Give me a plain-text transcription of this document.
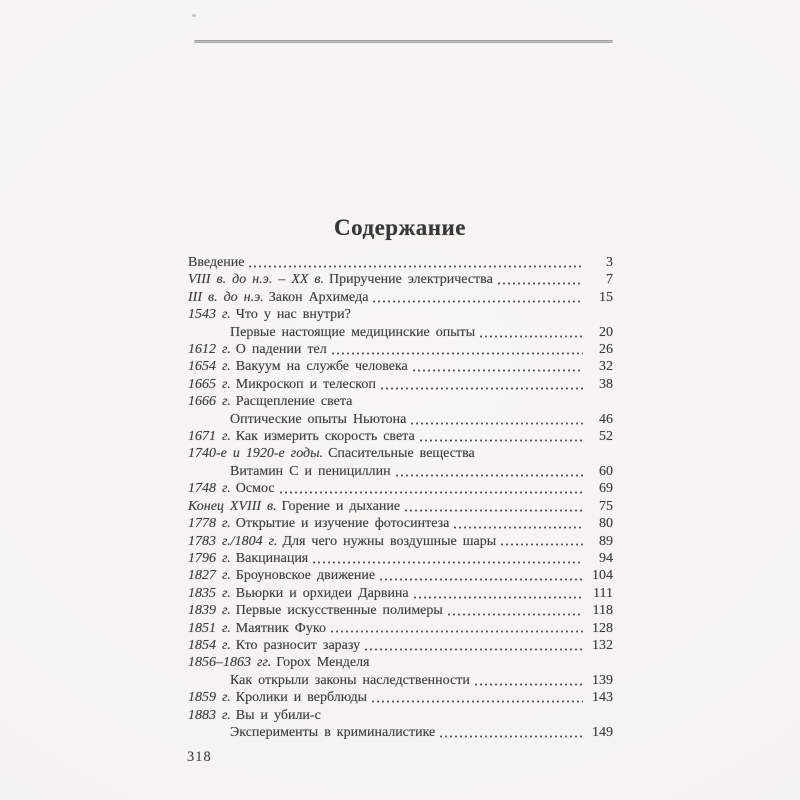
Содержание
Введение	3
VIII в. до н.э. – XX в. Приручение электричества	7
III в. до н.э. Закон Архимеда	15
1543 г. Что у нас внутри?
Первые настоящие медицинские опыты	20
1612 г. О падении тел	26
1654 г. Вакуум на службе человека	32
1665 г. Микроскоп и телескоп	38
1666 г. Расщепление света
Оптические опыты Ньютона	46
1671 г. Как измерить скорость света	52
1740-е и 1920-е годы. Спасительные вещества
Витамин С и пенициллин	60
1748 г. Осмос	69
Конец XVIII в. Горение и дыхание	75
1778 г. Открытие и изучение фотосинтеза	80
1783 г./1804 г. Для чего нужны воздушные шары	89
1796 г. Вакцинация	94
1827 г. Броуновское движение	104
1835 г. Вьюрки и орхидеи Дарвина	111
1839 г. Первые искусственные полимеры	118
1851 г. Маятник Фуко	128
1854 г. Кто разносит заразу	132
1856–1863 гг. Горох Менделя
Как открыли законы наследственности	139
1859 г. Кролики и верблюды	143
1883 г. Вы и убили-с
Эксперименты в криминалистике	149
318
